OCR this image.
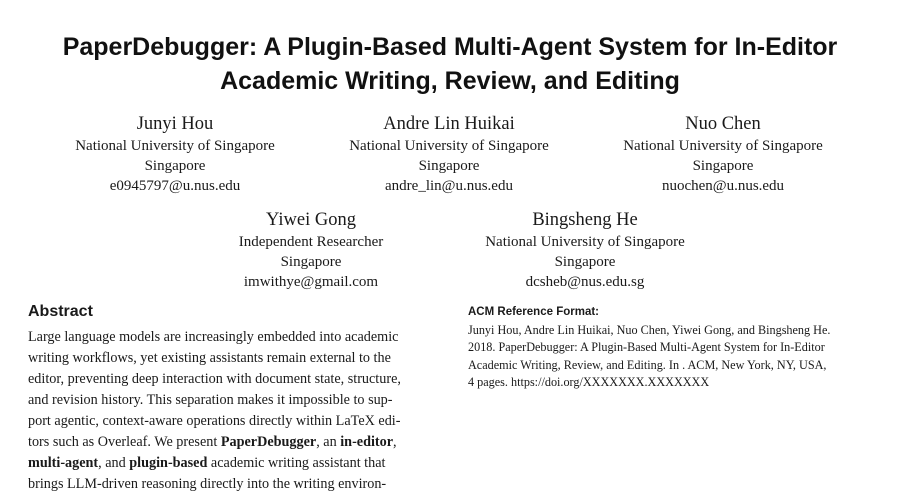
PaperDebugger: A Plugin-Based Multi-Agent System for In-Editor
Academic Writing, Review, and Editing
Junyi Hou
National University of Singapore
Singapore
e0945797@u.nus.edu
Andre Lin Huikai
National University of Singapore
Singapore
andre_lin@u.nus.edu
Nuo Chen
National University of Singapore
Singapore
nuochen@u.nus.edu
Yiwei Gong
Independent Researcher
Singapore
imwithye@gmail.com
Bingsheng He
National University of Singapore
Singapore
dcsheb@nus.edu.sg
Abstract
Large language models are increasingly embedded into academic
writing workflows, yet existing assistants remain external to the
editor, preventing deep interaction with document state, structure,
and revision history. This separation makes it impossible to sup-
port agentic, context-aware operations directly within LaTeX edi-
tors such as Overleaf. We present PaperDebugger, an in-editor,
multi-agent, and plugin-based academic writing assistant that
brings LLM-driven reasoning directly into the writing environ-
ACM Reference Format:
Junyi Hou, Andre Lin Huikai, Nuo Chen, Yiwei Gong, and Bingsheng He.
2018. PaperDebugger: A Plugin-Based Multi-Agent System for In-Editor
Academic Writing, Review, and Editing. In . ACM, New York, NY, USA,
4 pages. https://doi.org/XXXXXXX.XXXXXXX
